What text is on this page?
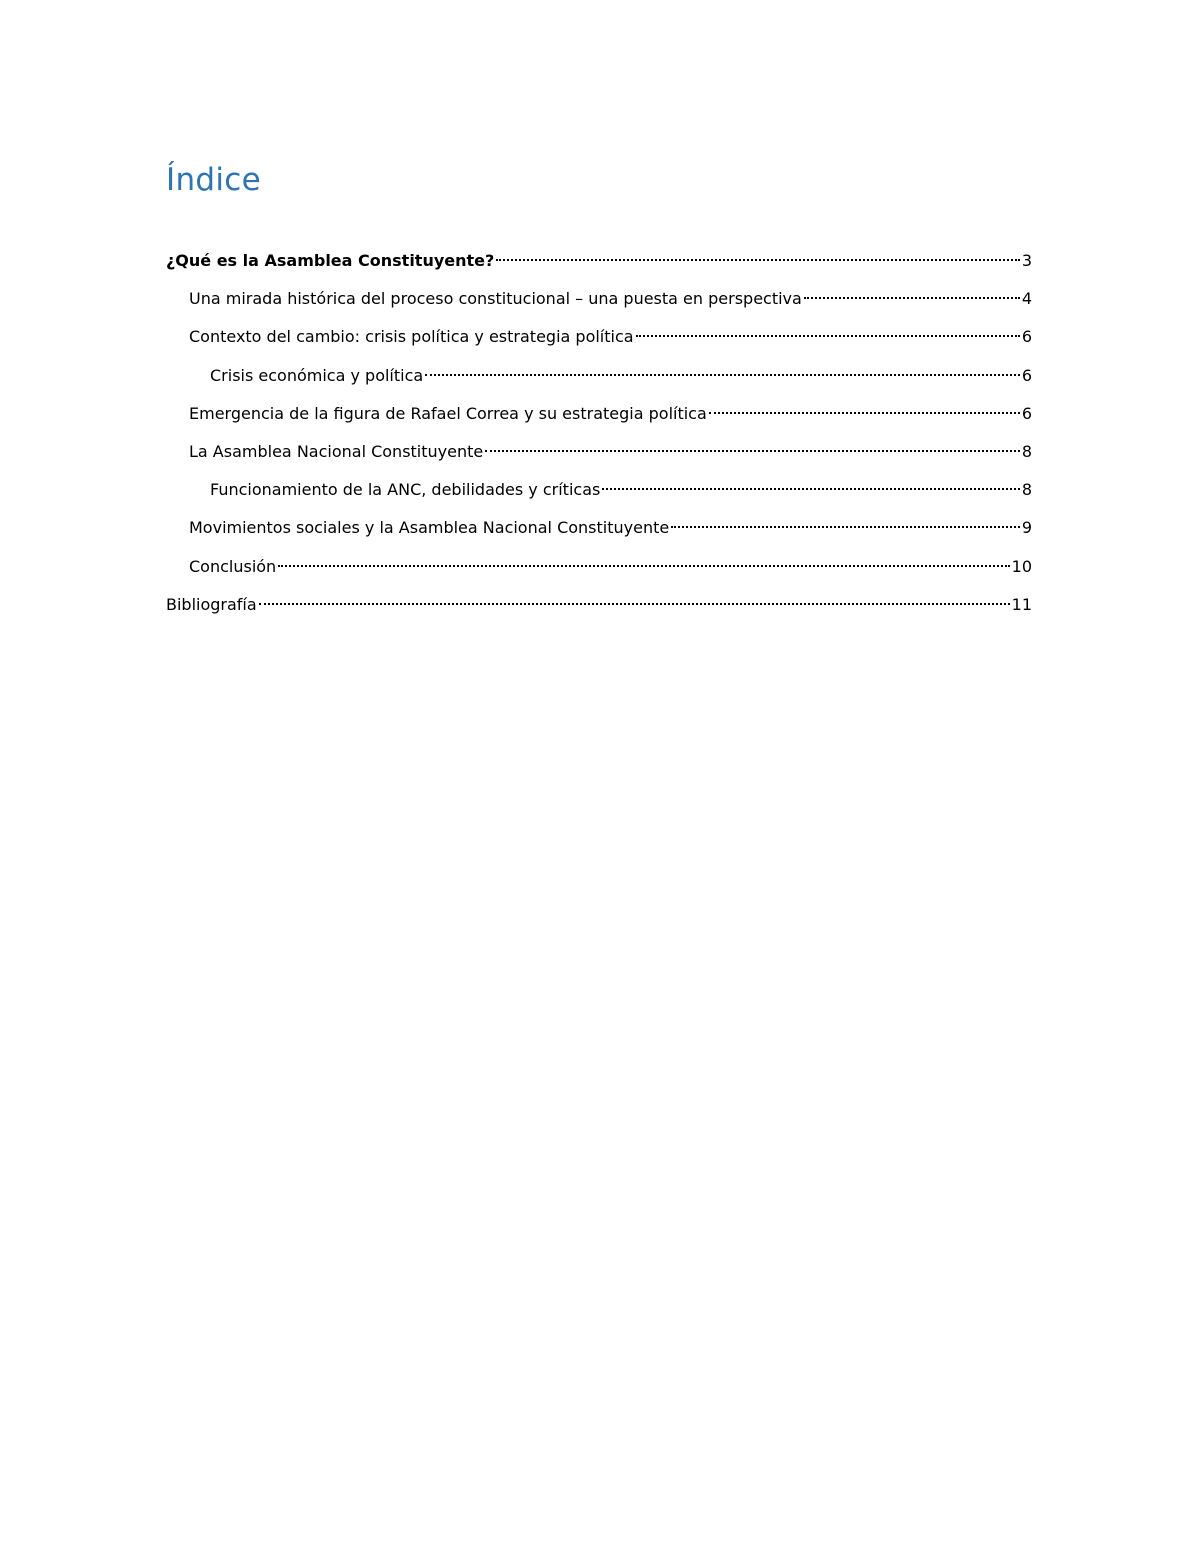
Índice
¿Qué es la Asamblea Constituyente?	3
Una mirada histórica del proceso constitucional – una puesta en perspectiva	4
Contexto del cambio: crisis política y estrategia política	6
Crisis económica y política	6
Emergencia de la figura de Rafael Correa y su estrategia política	6
La Asamblea Nacional Constituyente	8
Funcionamiento de la ANC, debilidades y críticas	8
Movimientos sociales y la Asamblea Nacional Constituyente	9
Conclusión	10
Bibliografía	11
